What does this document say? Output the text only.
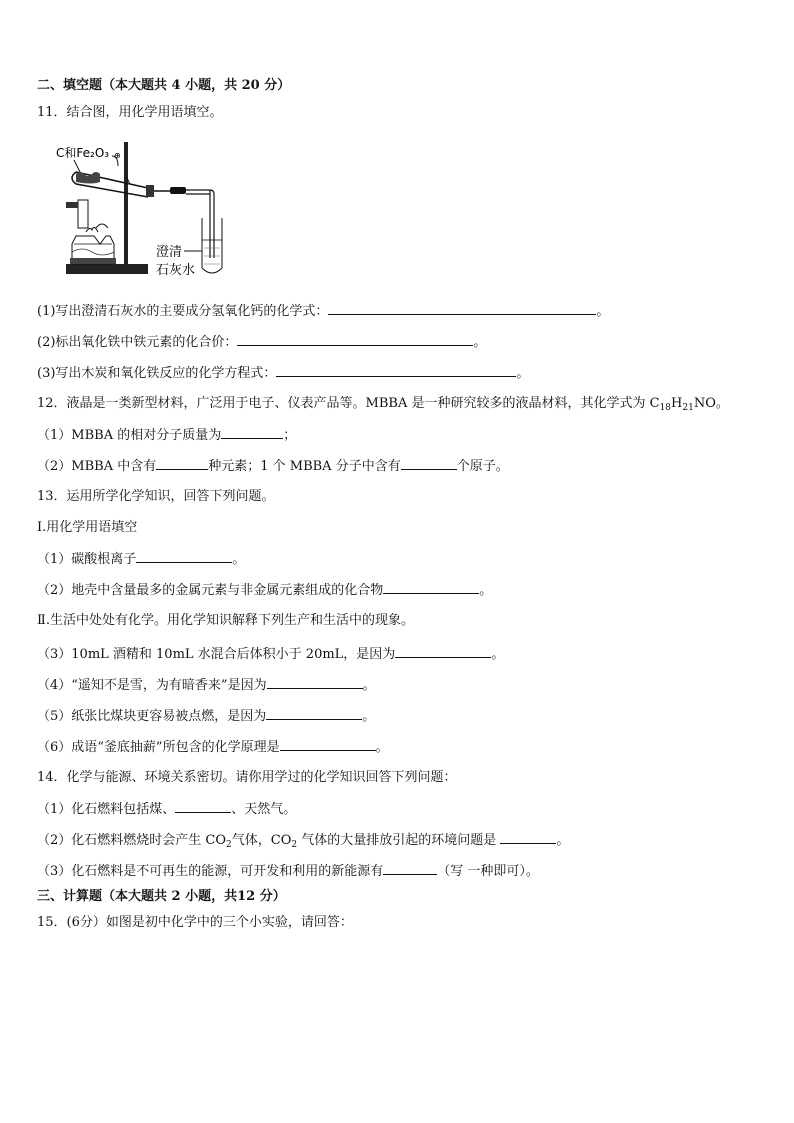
二、填空题（本大题共 4 小题，共 20 分）
11．结合图，用化学用语填空。
C和Fe₂O₃ ⊕
澄清
石灰水
(1)写出澄清石灰水的主要成分氢氧化钙的化学式：	。
(2)标出氧化铁中铁元素的化合价：	。
(3)写出木炭和氧化铁反应的化学方程式：	。
12．液晶是一类新型材料，广泛用于电子、仪表产品等。MBBA 是一种研究较多的液晶材料，其化学式为 $C_{18}H_{21}NO$。
（1）MBBA 的相对分子质量为	；
（2）MBBA 中含有	种元素；1 个 MBBA 分子中含有	个原子。
13．运用所学化学知识，回答下列问题。
Ⅰ.用化学用语填空
（1）碳酸根离子	。
（2）地壳中含量最多的金属元素与非金属元素组成的化合物	。
Ⅱ.生活中处处有化学。用化学知识解释下列生产和生活中的现象。
（3）10mL 酒精和 10mL 水混合后体积小于 20mL，是因为	。
（4）“遥知不是雪，为有暗香来”是因为	。
（5）纸张比煤块更容易被点燃，是因为	。
（6）成语“釜底抽薪”所包含的化学原理是	。
14．化学与能源、环境关系密切。请你用学过的化学知识回答下列问题：
（1）化石燃料包括煤、	、天然气。
（2）化石燃料燃烧时会产生 $CO_2$气体，$CO_2$ 气体的大量排放引起的环境问题是	。
（3）化石燃料是不可再生的能源，可开发和利用的新能源有	（写 一种即可）。
三、计算题（本大题共 2 小题，共12 分）
15．(6分）如图是初中化学中的三个小实验，请回答：
